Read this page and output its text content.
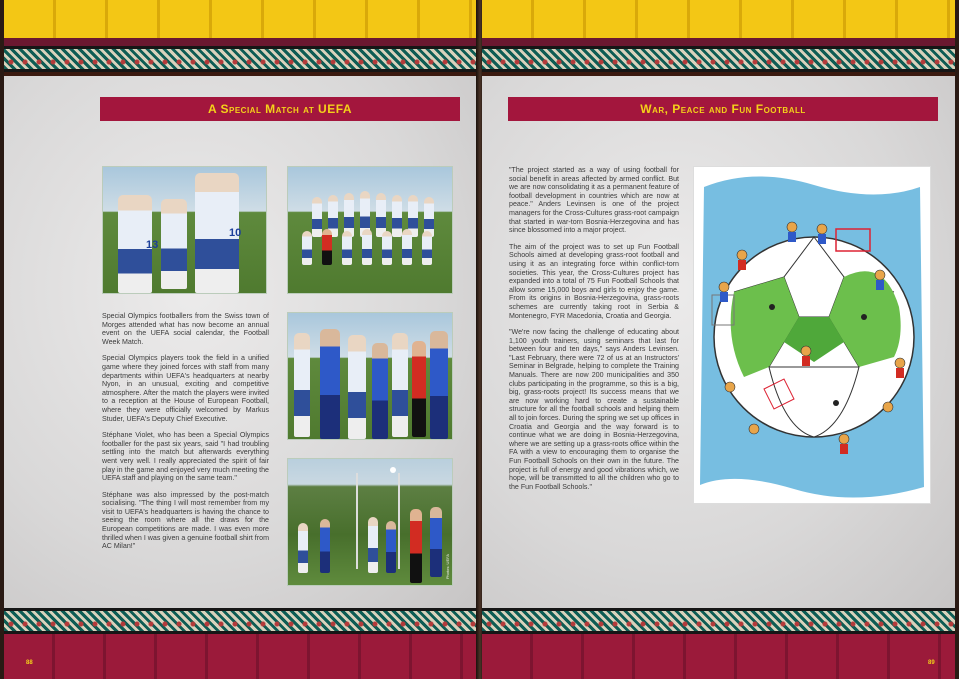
A Special Match at UEFA
13
10
Photos: UEFA

Special Olympics footballers from the Swiss town of Morges attended what has now become an annual event on the UEFA social calendar, the Football Week Match.

Special Olympics players took the field in a unified game where they joined forces with staff from many departments within UEFA's headquarters at nearby Nyon, in an unusual, exciting and competitive atmosphere. After the match the players were invited to a reception at the House of European Football, where they were officially welcomed by Markus Studer, UEFA's Deputy Chief Executive.

Stéphane Violet, who has been a Special Olympics footballer for the past six years, said "I had troubling settling into the match but afterwards everything went very well. I really appreciated the spirit of fair play in the game and enjoyed very much meeting the UEFA staff and playing on the same team."

Stéphane was also impressed by the post-match socialising. "The thing I will most remember from my visit to UEFA's headquarters is having the chance to seeing the room where all the draws for the European competitions are made. I was even more thrilled when I was given a genuine football shirt from AC Milan!"

88
War, Peace and Fun Football

"The project started as a way of using football for social benefit in areas affected by armed conflict. But we are now consolidating it as a permanent feature of football development in countries which are now at peace." Anders Levinsen is one of the project managers for the Cross-Cultures grass-root campaign that started in war-torn Bosnia-Herzegovina and has since blossomed into a major project.

The aim of the project was to set up Fun Football Schools aimed at developing grass-root football and using it as an integrating force within conflict-torn societies. This year, the Cross-Cultures project has expanded into a total of 75 Fun Football Schools that allow some 15,000 boys and girls to enjoy the game. From its origins in Bosnia-Herzegovina, grass-roots schemes are currently taking root in Serbia & Montenegro, FYR Macedonia, Croatia and Georgia.

"We're now facing the challenge of educating about 1,100 youth trainers, using seminars that last for between four and ten days," says Anders Levinsen. "Last February, there were 72 of us at an Instructors' Seminar in Belgrade, helping to complete the Training Manuals. There are now 200 municipalities and 350 clubs participating in the programme, so this is a big, big, grass-roots project! Its success means that we are now working hard to create a sustainable structure for all the football schools and helping them all to join forces. During the spring we set up offices in Croatia and Georgia and the way forward is to continue what we are doing in Bosnia-Herzegovina, where we are setting up a grass-roots office within the FA with a view to encouraging them to organise the Fun Football Schools on their own in the future. The project is full of energy and good vibrations which, we hope, will be transmitted to all the children who go to the Fun Football Schools."

89
